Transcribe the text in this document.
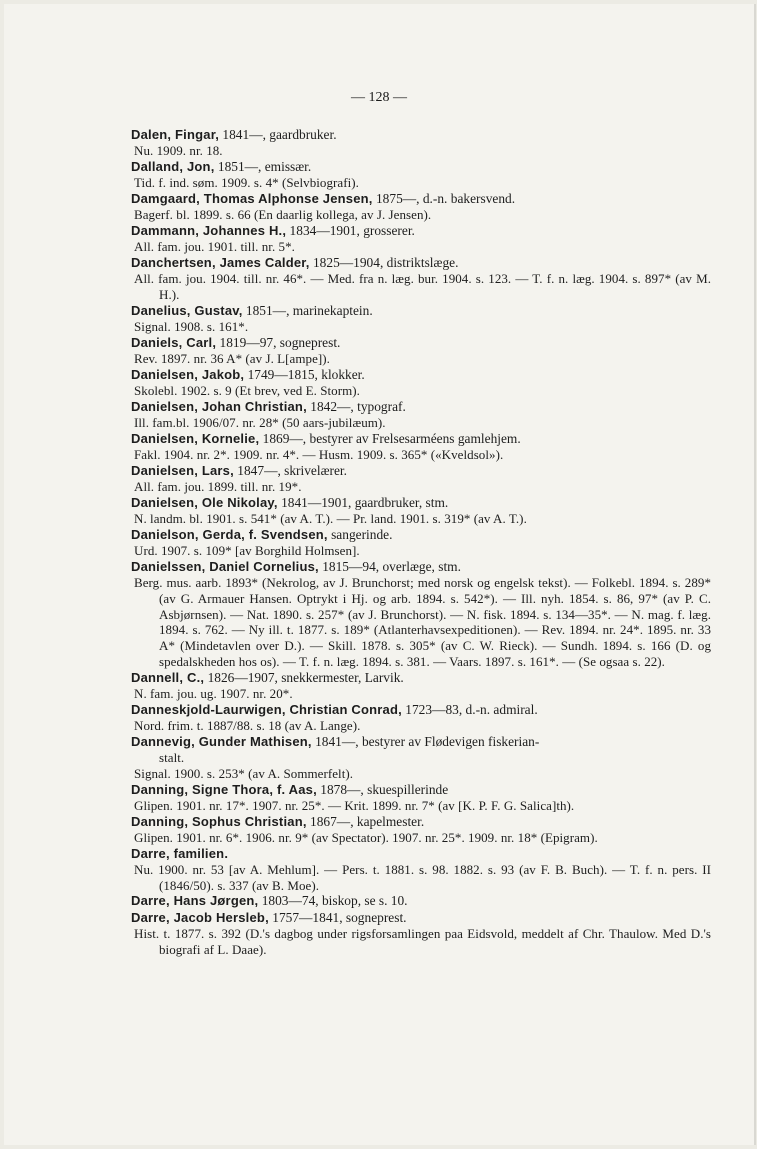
— 128 —
Dalen, Fingar, 1841—, gaardbruker.
Nu. 1909. nr. 18.
Dalland, Jon, 1851—, emissær.
Tid. f. ind. søm. 1909. s. 4* (Selvbiografi).
Damgaard, Thomas Alphonse Jensen, 1875—, d.-n. bakersvend.
Bagerf. bl. 1899. s. 66 (En daarlig kollega, av J. Jensen).
Dammann, Johannes H., 1834—1901, grosserer.
All. fam. jou. 1901. till. nr. 5*.
Danchertsen, James Calder, 1825—1904, distriktslæge.
All. fam. jou. 1904. till. nr. 46*. — Med. fra n. læg. bur. 1904. s. 123. — T. f. n. læg. 1904. s. 897* (av M. H.).
Danelius, Gustav, 1851—, marinekaptein.
Signal. 1908. s. 161*.
Daniels, Carl, 1819—97, sogneprest.
Rev. 1897. nr. 36 A* (av J. L[ampe]).
Danielsen, Jakob, 1749—1815, klokker.
Skolebl. 1902. s. 9 (Et brev, ved E. Storm).
Danielsen, Johan Christian, 1842—, typograf.
Ill. fam.bl. 1906/07. nr. 28* (50 aars-jubilæum).
Danielsen, Kornelie, 1869—, bestyrer av Frelsesarméens gamlehjem.
Fakl. 1904. nr. 2*. 1909. nr. 4*. — Husm. 1909. s. 365* («Kveldsol»).
Danielsen, Lars, 1847—, skrivelærer.
All. fam. jou. 1899. till. nr. 19*.
Danielsen, Ole Nikolay, 1841—1901, gaardbruker, stm.
N. landm. bl. 1901. s. 541* (av A. T.). — Pr. land. 1901. s. 319* (av A. T.).
Danielson, Gerda, f. Svendsen, sangerinde.
Urd. 1907. s. 109* [av Borghild Holmsen].
Danielssen, Daniel Cornelius, 1815—94, overlæge, stm.
Berg. mus. aarb. 1893* (Nekrolog, av J. Brunchorst; med norsk og engelsk tekst). — Folkebl. 1894. s. 289* (av G. Armauer Hansen. Optrykt i Hj. og arb. 1894. s. 542*). — Ill. nyh. 1854. s. 86, 97* (av P. C. Asbjørnsen). — Nat. 1890. s. 257* (av J. Brunchorst). — N. fisk. 1894. s. 134—35*. — N. mag. f. læg. 1894. s. 762. — Ny ill. t. 1877. s. 189* (Atlanterhavsexpeditionen). — Rev. 1894. nr. 24*. 1895. nr. 33 A* (Mindetavlen over D.). — Skill. 1878. s. 305* (av C. W. Rieck). — Sundh. 1894. s. 166 (D. og spedalskheden hos os). — T. f. n. læg. 1894. s. 381. — Vaars. 1897. s. 161*. — (Se ogsaa s. 22).
Dannell, C., 1826—1907, snekkermester, Larvik.
N. fam. jou. ug. 1907. nr. 20*.
Danneskjold-Laurwigen, Christian Conrad, 1723—83, d.-n. admiral.
Nord. frim. t. 1887/88. s. 18 (av A. Lange).
Dannevig, Gunder Mathisen, 1841—, bestyrer av Flødevigen fiskerian-
stalt.
Signal. 1900. s. 253* (av A. Sommerfelt).
Danning, Signe Thora, f. Aas, 1878—, skuespillerinde
Glipen. 1901. nr. 17*. 1907. nr. 25*. — Krit. 1899. nr. 7* (av [K. P. F. G. Salica]th).
Danning, Sophus Christian, 1867—, kapelmester.
Glipen. 1901. nr. 6*. 1906. nr. 9* (av Spectator). 1907. nr. 25*. 1909. nr. 18* (Epigram).
Darre, familien.
Nu. 1900. nr. 53 [av A. Mehlum]. — Pers. t. 1881. s. 98. 1882. s. 93 (av F. B. Buch). — T. f. n. pers. II (1846/50). s. 337 (av B. Moe).
Darre, Hans Jørgen, 1803—74, biskop, se s. 10.
Darre, Jacob Hersleb, 1757—1841, sogneprest.
Hist. t. 1877. s. 392 (D.'s dagbog under rigsforsamlingen paa Eidsvold, meddelt af Chr. Thaulow. Med D.'s biografi af L. Daae).
